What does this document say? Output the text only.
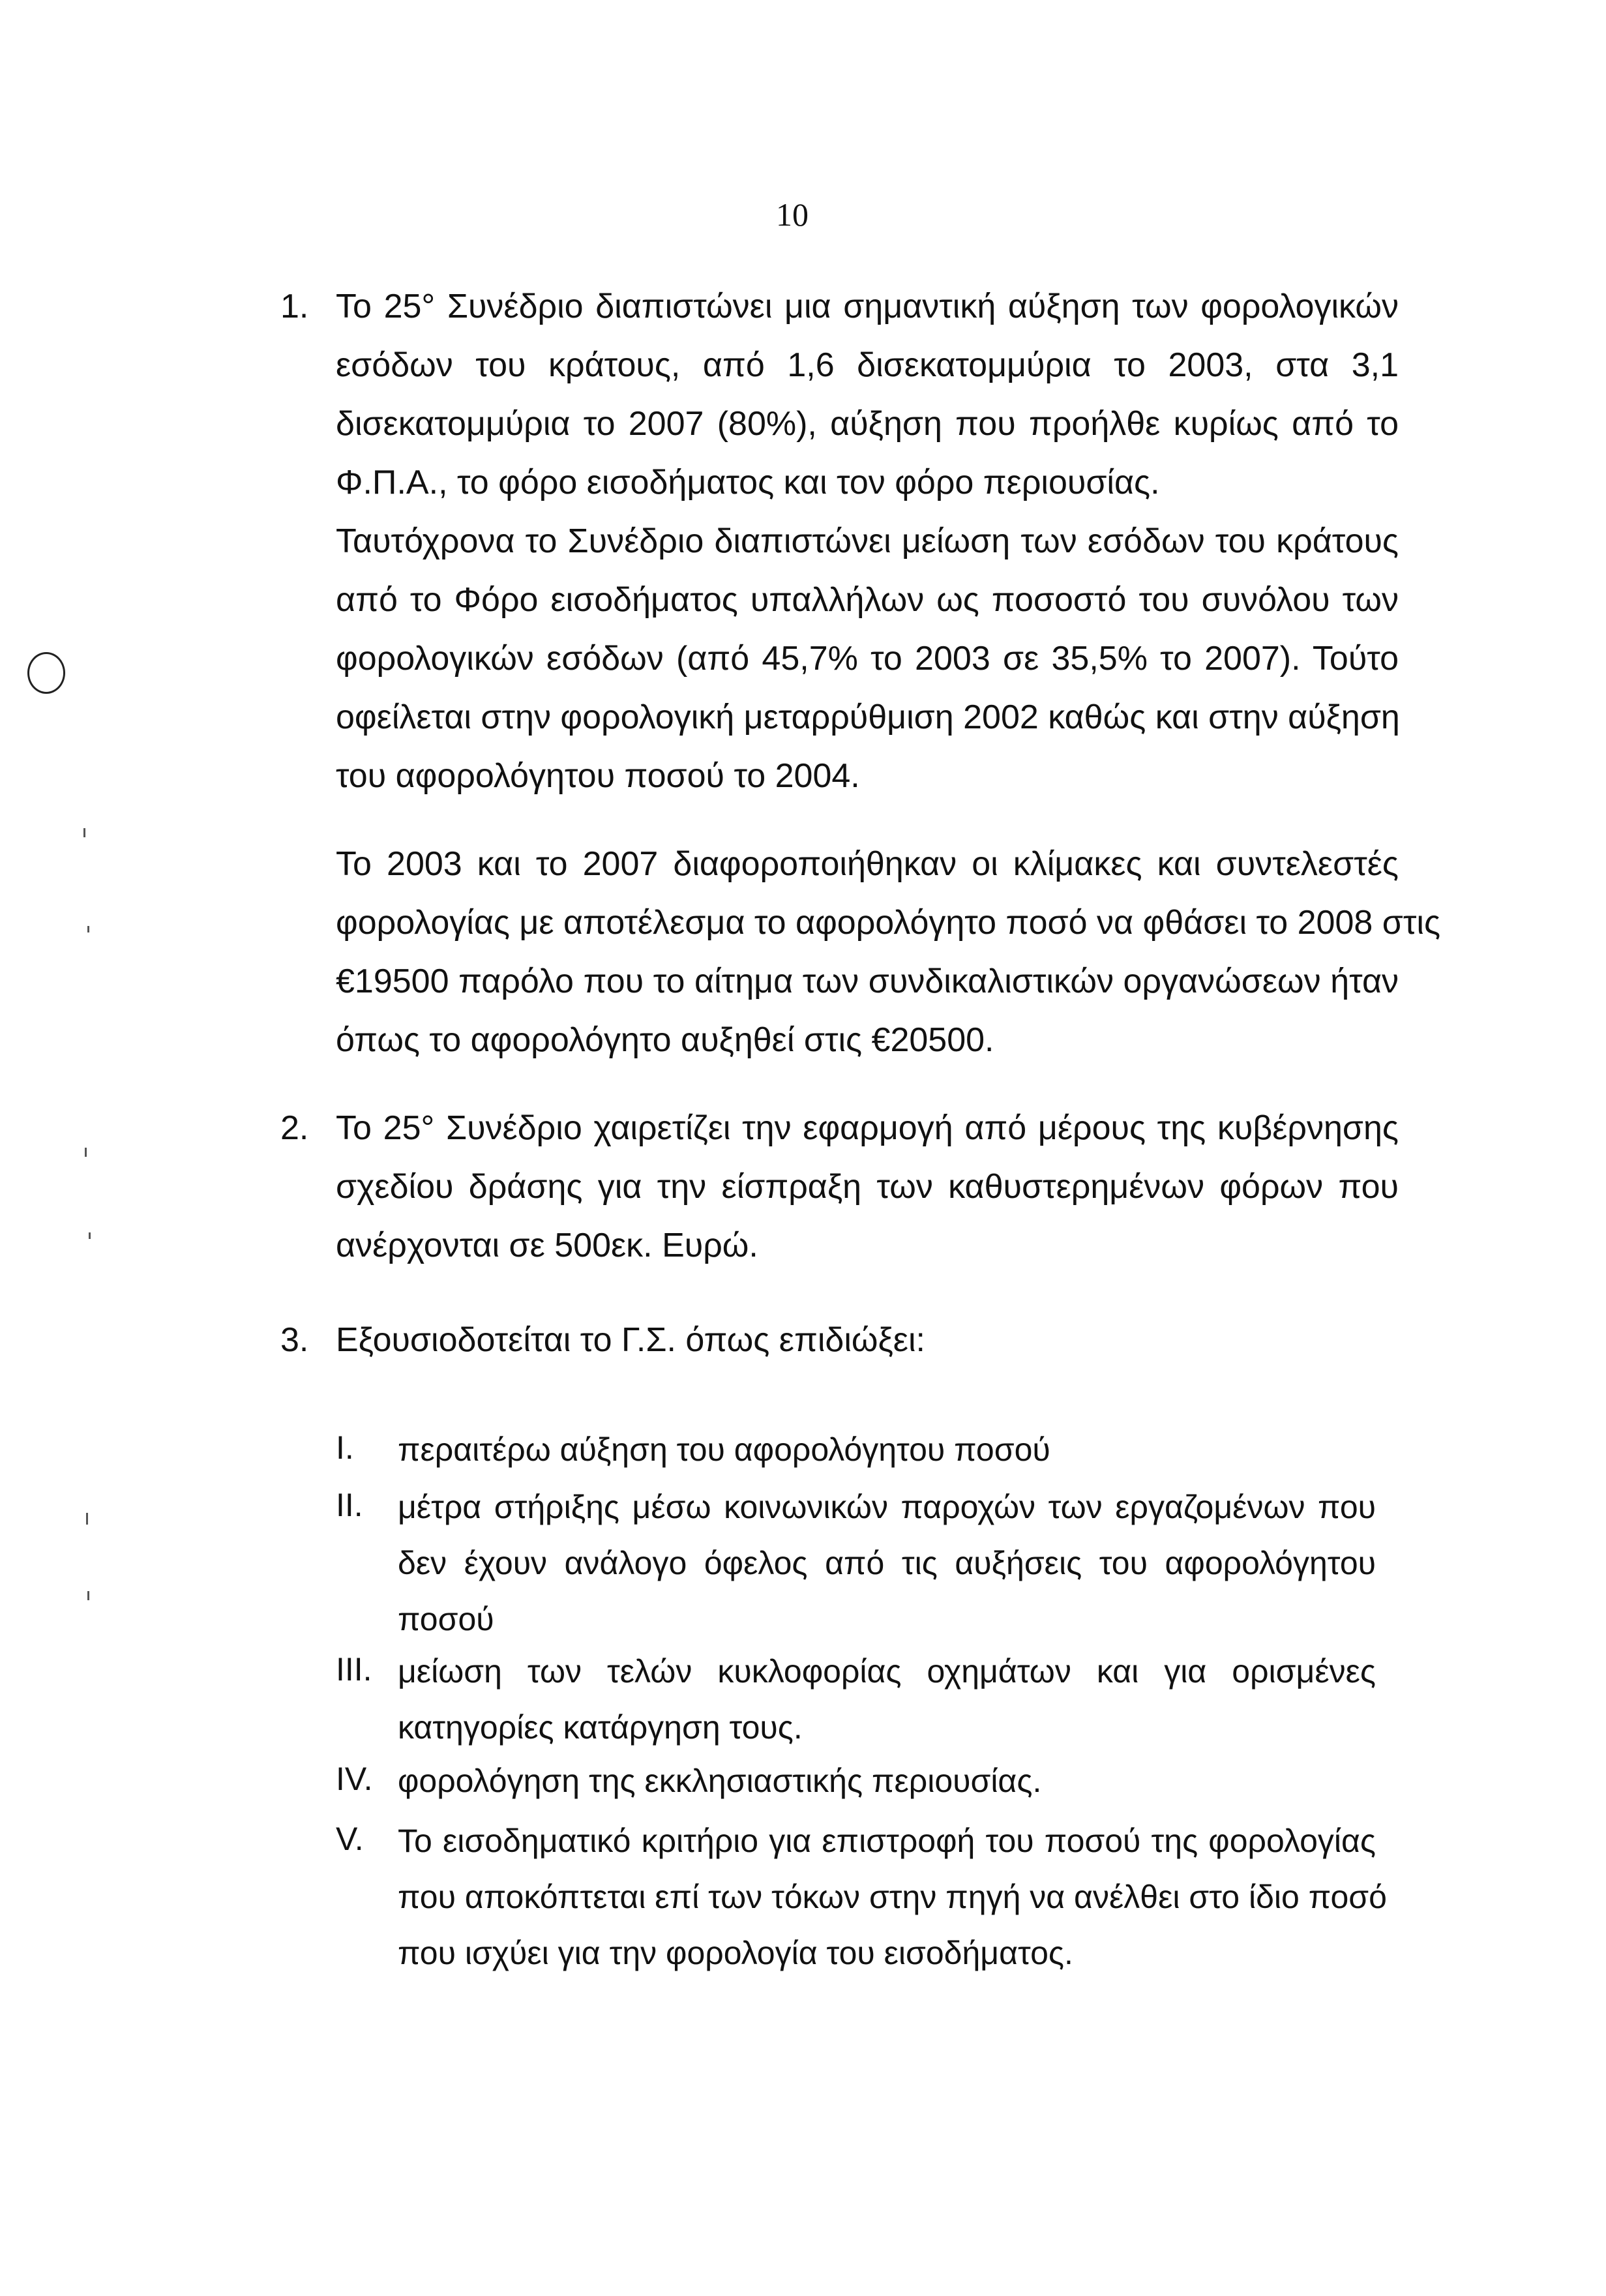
10
1. Το 25° Συνέδριο διαπιστώνει μια σημαντική αύξηση των φορολογικών
εσόδων του κράτους, από 1,6 δισεκατομμύρια το 2003, στα 3,1
δισεκατομμύρια το 2007 (80%), αύξηση που προήλθε κυρίως από το
Φ.Π.Α., το φόρο εισοδήματος και τον φόρο περιουσίας.
Ταυτόχρονα το Συνέδριο διαπιστώνει μείωση των εσόδων του κράτους
από το Φόρο εισοδήματος υπαλλήλων ως ποσοστό του συνόλου των
φορολογικών εσόδων (από 45,7% το 2003 σε 35,5% το 2007). Τούτο
οφείλεται στην φορολογική μεταρρύθμιση 2002 καθώς και στην αύξηση
του αφορολόγητου ποσού το 2004.
Το 2003 και το 2007 διαφοροποιήθηκαν οι κλίμακες και συντελεστές
φορολογίας με αποτέλεσμα το αφορολόγητο ποσό να φθάσει το 2008 στις
€19500 παρόλο που το αίτημα των συνδικαλιστικών οργανώσεων ήταν
όπως το αφορολόγητο αυξηθεί στις €20500.
2. Το 25° Συνέδριο χαιρετίζει την εφαρμογή από μέρους της κυβέρνησης
σχεδίου δράσης για την είσπραξη των καθυστερημένων φόρων που
ανέρχονται σε 500εκ. Ευρώ.
3. Εξουσιοδοτείται το Γ.Σ. όπως επιδιώξει:
I. περαιτέρω αύξηση του αφορολόγητου ποσού
II. μέτρα στήριξης μέσω κοινωνικών παροχών των εργαζομένων που
δεν έχουν ανάλογο όφελος από τις αυξήσεις του αφορολόγητου
ποσού
III. μείωση των τελών κυκλοφορίας οχημάτων και για ορισμένες
κατηγορίες κατάργηση τους.
IV. φορολόγηση της εκκλησιαστικής περιουσίας.
V. Το εισοδηματικό κριτήριο για επιστροφή του ποσού της φορολογίας
που αποκόπτεται επί των τόκων στην πηγή να ανέλθει στο ίδιο ποσό
που ισχύει για την φορολογία του εισοδήματος.
